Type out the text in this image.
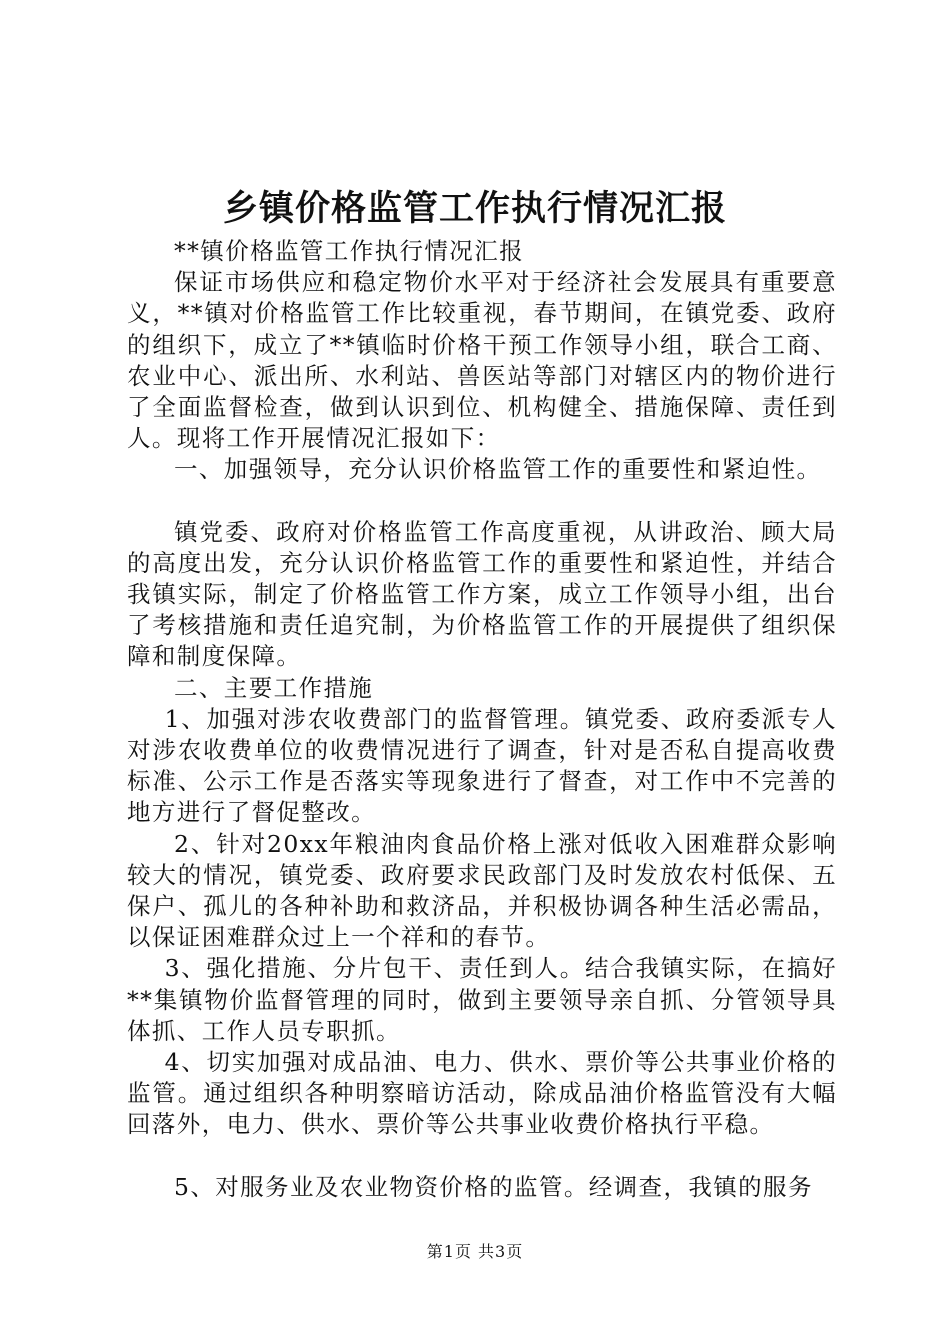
乡镇价格监管工作执行情况汇报

**镇价格监管工作执行情况汇报

保证市场供应和稳定物价水平对于经济社会发展具有重要意义，**镇对价格监管工作比较重视，春节期间，在镇党委、政府的组织下，成立了**镇临时价格干预工作领导小组，联合工商、农业中心、派出所、水利站、兽医站等部门对辖区内的物价进行了全面监督检查，做到认识到位、机构健全、措施保障、责任到人。现将工作开展情况汇报如下：

一、加强领导，充分认识价格监管工作的重要性和紧迫性。

镇党委、政府对价格监管工作高度重视，从讲政治、顾大局的高度出发，充分认识价格监管工作的重要性和紧迫性，并结合我镇实际，制定了价格监管工作方案，成立工作领导小组，出台了考核措施和责任追究制，为价格监管工作的开展提供了组织保障和制度保障。

二、主要工作措施

1、加强对涉农收费部门的监督管理。镇党委、政府委派专人对涉农收费单位的收费情况进行了调查，针对是否私自提高收费标准、公示工作是否落实等现象进行了督查，对工作中不完善的地方进行了督促整改。

2、针对20xx年粮油肉食品价格上涨对低收入困难群众影响较大的情况，镇党委、政府要求民政部门及时发放农村低保、五保户、孤儿的各种补助和救济品，并积极协调各种生活必需品，以保证困难群众过上一个祥和的春节。

3、强化措施、分片包干、责任到人。结合我镇实际，在搞好**集镇物价监督管理的同时，做到主要领导亲自抓、分管领导具体抓、工作人员专职抓。

4、切实加强对成品油、电力、供水、票价等公共事业价格的监管。通过组织各种明察暗访活动，除成品油价格监管没有大幅回落外，电力、供水、票价等公共事业收费价格执行平稳。

5、对服务业及农业物资价格的监管。经调查，我镇的服务

第1页 共3页
